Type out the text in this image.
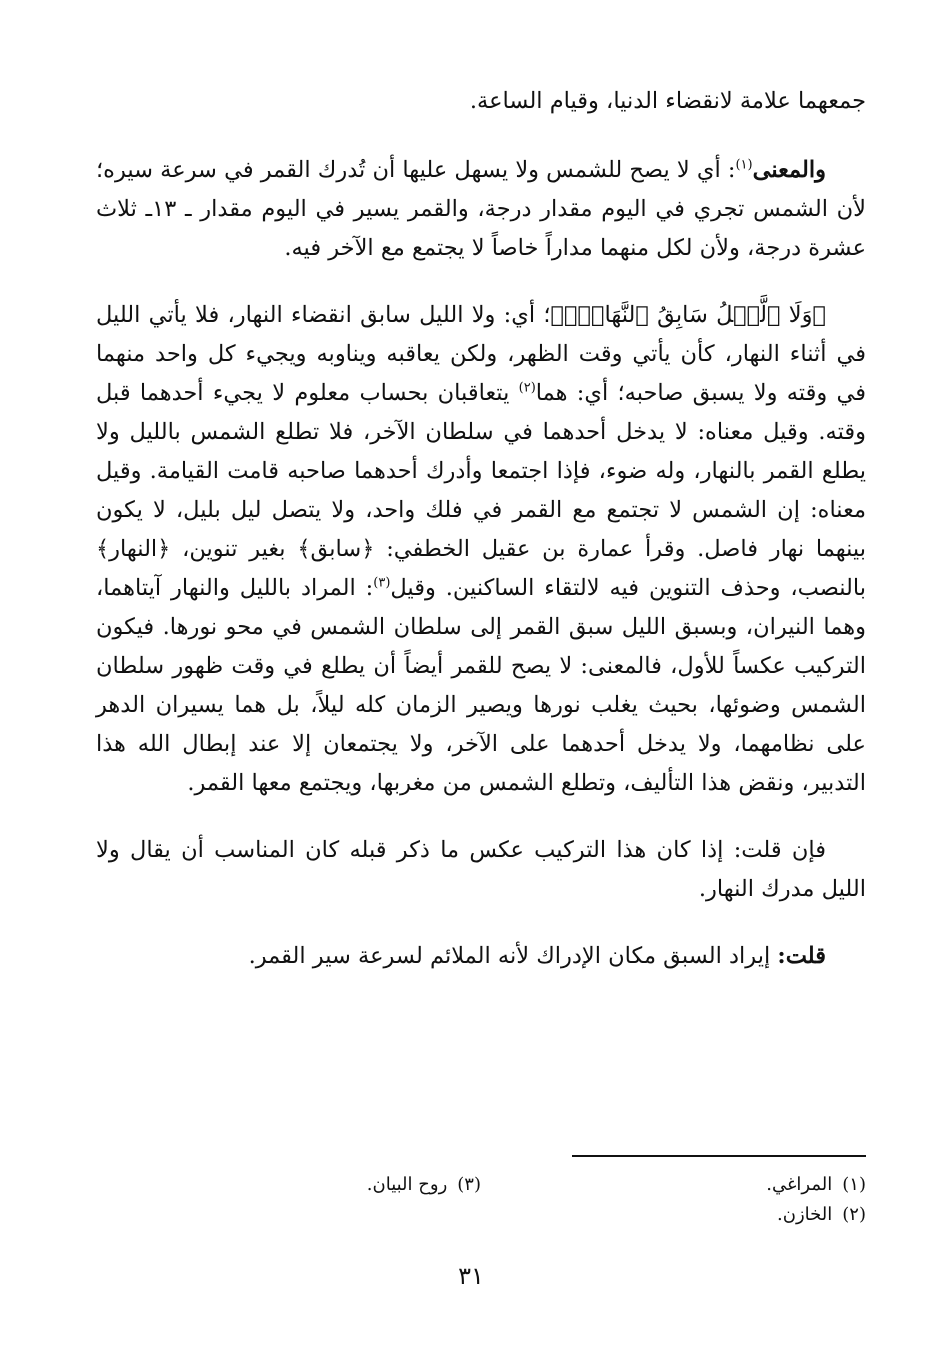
جمعهما علامة لانقضاء الدنيا، وقيام الساعة.

والمعنى$^{(١)}$: أي لا يصح للشمس ولا يسهل عليها أن تُدرك القمر في سرعة سيره؛ لأن الشمس تجري في اليوم مقدار درجة، والقمر يسير في اليوم مقدار ـ ١٣ـ ثلاث عشرة درجة، ولأن لكل منهما مداراً خاصاً لا يجتمع مع الآخر فيه.

﴿وَلَا ٱلَّيۡلُ سَابِقُ ٱلنَّهَارِۚ﴾؛ أي: ولا الليل سابق انقضاء النهار، فلا يأتي الليل في أثناء النهار، كأن يأتي وقت الظهر، ولكن يعاقبه ويناوبه ويجيء كل واحد منهما في وقته ولا يسبق صاحبه؛ أي: هما$^{(٢)}$ يتعاقبان بحساب معلوم لا يجيء أحدهما قبل وقته. وقيل معناه: لا يدخل أحدهما في سلطان الآخر، فلا تطلع الشمس بالليل ولا يطلع القمر بالنهار، وله ضوء، فإذا اجتمعا وأدرك أحدهما صاحبه قامت القيامة. وقيل معناه: إن الشمس لا تجتمع مع القمر في فلك واحد، ولا يتصل ليل بليل، لا يكون بينهما نهار فاصل. وقرأ عمارة بن عقيل الخطفي: ﴿سابق﴾ بغير تنوين، ﴿النهار﴾ بالنصب، وحذف التنوين فيه لالتقاء الساكنين. وقيل$^{(٣)}$: المراد بالليل والنهار آيتاهما، وهما النيران، وبسبق الليل سبق القمر إلى سلطان الشمس في محو نورها. فيكون التركيب عكساً للأول، فالمعنى: لا يصح للقمر أيضاً أن يطلع في وقت ظهور سلطان الشمس وضوئها، بحيث يغلب نورها ويصير الزمان كله ليلاً، بل هما يسيران الدهر على نظامهما، ولا يدخل أحدهما على الآخر، ولا يجتمعان إلا عند إبطال الله هذا التدبير، ونقض هذا التأليف، وتطلع الشمس من مغربها، ويجتمع معها القمر.

فإن قلت: إذا كان هذا التركيب عكس ما ذكر قبله كان المناسب أن يقال ولا الليل مدرك النهار.

قلت: إيراد السبق مكان الإدراك لأنه الملائم لسرعة سير القمر.

(١)المراغي.
(٣)روح البيان.
(٢)الخازن.
٣١
